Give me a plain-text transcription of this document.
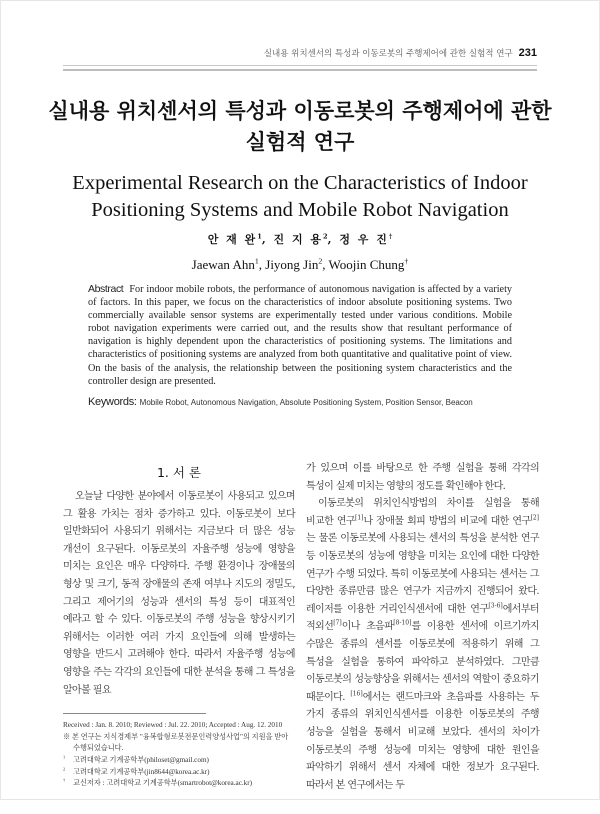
실내용 위치센서의 특성과 이동로봇의 주행제어에 관한 실험적 연구 231
실내용 위치센서의 특성과 이동로봇의 주행제어에 관한 실험적 연구
Experimental Research on the Characteristics of Indoor Positioning Systems and Mobile Robot Navigation
안 재 완$^1$, 진 지 용$^2$, 정 우 진†
Jaewan Ahn$^1$, Jiyong Jin$^2$, Woojin Chung†
Abstract For indoor mobile robots, the performance of autonomous navigation is affected by a variety of factors. In this paper, we focus on the characteristics of indoor absolute positioning systems. Two commercially available sensor systems are experimentally tested under various conditions. Mobile robot navigation experiments were carried out, and the results show that resultant performance of navigation is highly dependent upon the characteristics of positioning systems. The limitations and characteristics of positioning systems are analyzed from both quantitative and qualitative point of view. On the basis of the analysis, the relationship between the positioning system characteristics and the controller design are presented.
Keywords: Mobile Robot, Autonomous Navigation, Absolute Positioning System, Position Sensor, Beacon
1. 서 론

오늘날 다양한 분야에서 이동로봇이 사용되고 있으며 그 활용 가치는 점차 증가하고 있다. 이동로봇이 보다 일반화되어 사용되기 위해서는 지금보다 더 많은 성능 개선이 요구된다. 이동로봇의 자율주행 성능에 영향을 미치는 요인은 매우 다양하다. 주행 환경이나 장애물의 형상 및 크기, 동적 장애물의 존재 여부나 지도의 정밀도, 그리고 제어기의 성능과 센서의 특성 등이 대표적인 예라고 할 수 있다. 이동로봇의 주행 성능을 향상시키기 위해서는 이러한 여러 가지 요인들에 의해 발생하는 영향을 반드시 고려해야 한다. 따라서 자율주행 성능에 영향을 주는 각각의 요인들에 대한 분석을 통해 그 특성을 알아볼 필요

Received : Jan. 8. 2010; Reviewed : Jul. 22. 2010; Accepted : Aug. 12. 2010
※ 본 연구는 지식경제부 "융복합형로봇전문인력양성사업"의 지원을 받아
수행되었습니다.
$^1$	고려대학교 기계공학부(philoset@gmail.com)
$^2$	고려대학교 기계공학부(jin8644@korea.ac.kr)
†	교신저자 : 고려대학교 기계공학부(smartrobot@korea.ac.kr)

가 있으며 이를 바탕으로 한 주행 실험을 통해 각각의 특성이 실제 미치는 영향의 정도를 확인해야 한다.

이동로봇의 위치인식방법의 차이를 실험을 통해 비교한 연구[1]나 장애물 회피 방법의 비교에 대한 연구[2]는 물론 이동로봇에 사용되는 센서의 특성을 분석한 연구 등 이동로봇의 성능에 영향을 미치는 요인에 대한 다양한 연구가 수행 되었다. 특히 이동로봇에 사용되는 센서는 그 다양한 종류만큼 많은 연구가 지금까지 진행되어 왔다. 레이저를 이용한 거리인식센서에 대한 연구[3-6]에서부터 적외선[7]이나 초음파[8-10]를 이용한 센서에 이르기까지 수많은 종류의 센서를 이동로봇에 적용하기 위해 그 특성을 실험을 통하여 파악하고 분석하였다. 그만큼 이동로봇의 성능향상을 위해서는 센서의 역할이 중요하기 때문이다. [16]에서는 랜드마크와 초음파를 사용하는 두 가지 종류의 위치인식센서를 이용한 이동로봇의 주행 성능을 실험을 통해서 비교해 보았다. 센서의 차이가 이동로봇의 주행 성능에 미치는 영향에 대한 원인을 파악하기 위해서 센서 자체에 대한 정보가 요구된다. 따라서 본 연구에서는 두
